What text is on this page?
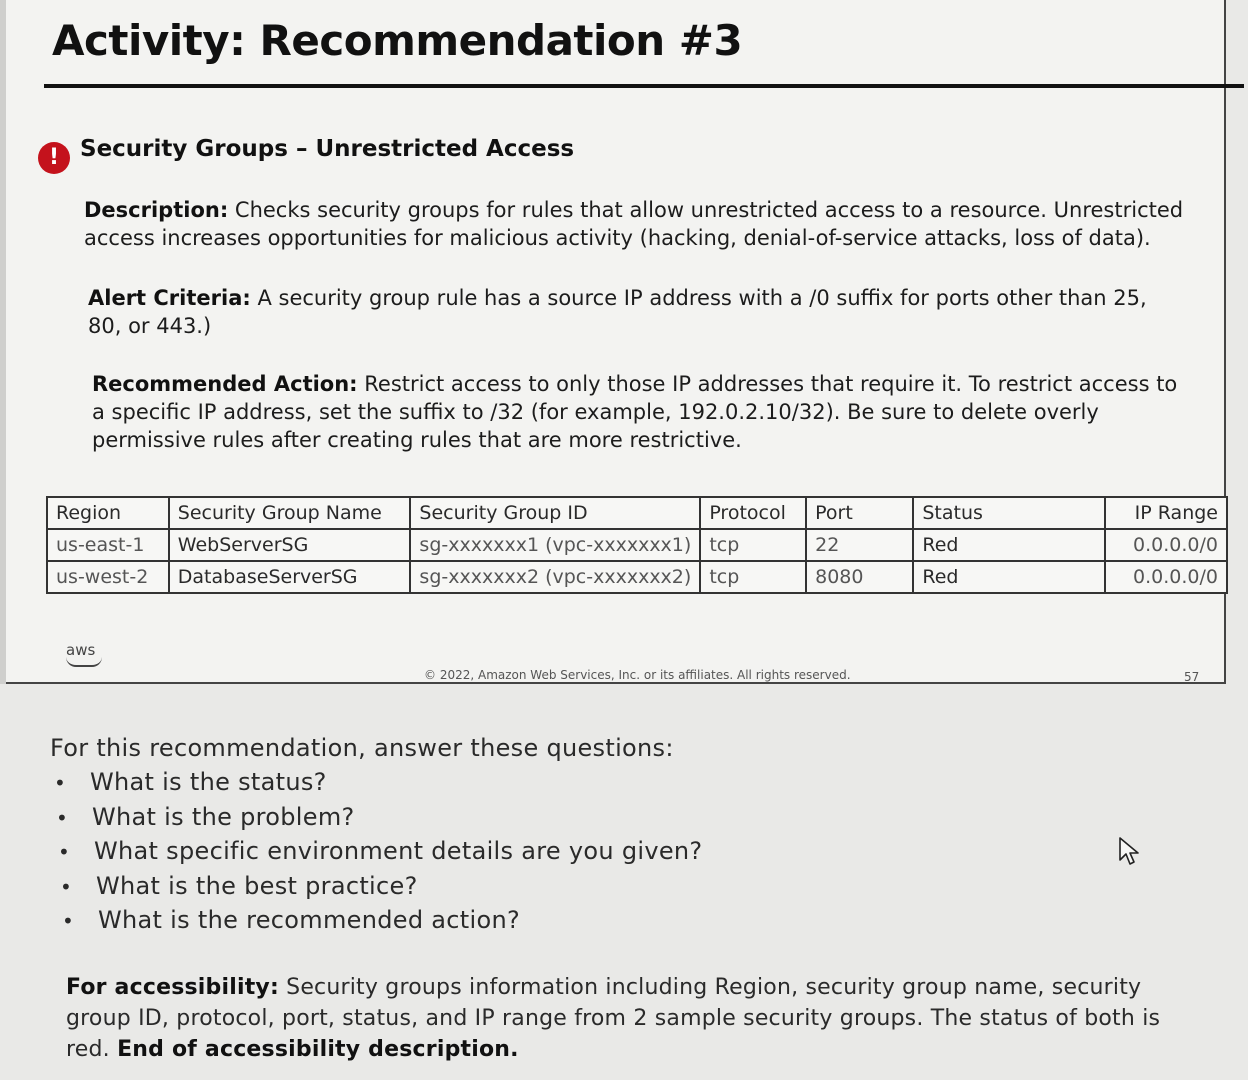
Activity: Recommendation #3
! Security Groups – Unrestricted Access
Description: Checks security groups for rules that allow unrestricted access to a resource. Unrestricted access increases opportunities for malicious activity (hacking, denial-of-service attacks, loss of data).
Alert Criteria: A security group rule has a source IP address with a /0 suffix for ports other than 25, 80, or 443.)
Recommended Action: Restrict access to only those IP addresses that require it. To restrict access to a specific IP address, set the suffix to /32 (for example, 192.0.2.10/32). Be sure to delete overly permissive rules after creating rules that are more restrictive.
Region	Security Group Name	Security Group ID	Protocol	Port	Status	IP Range
us-east-1	WebServerSG	sg-xxxxxxx1 (vpc-xxxxxxx1)	tcp	22	Red	0.0.0.0/0
us-west-2	DatabaseServerSG	sg-xxxxxxx2 (vpc-xxxxxxx2)	tcp	8080	Red	0.0.0.0/0
aws
© 2022, Amazon Web Services, Inc. or its affiliates. All rights reserved.	57
For this recommendation, answer these questions:
• What is the status?
• What is the problem?
• What specific environment details are you given?
• What is the best practice?
• What is the recommended action?
For accessibility: Security groups information including Region, security group name, security group ID, protocol, port, status, and IP range from 2 sample security groups. The status of both is red. End of accessibility description.
